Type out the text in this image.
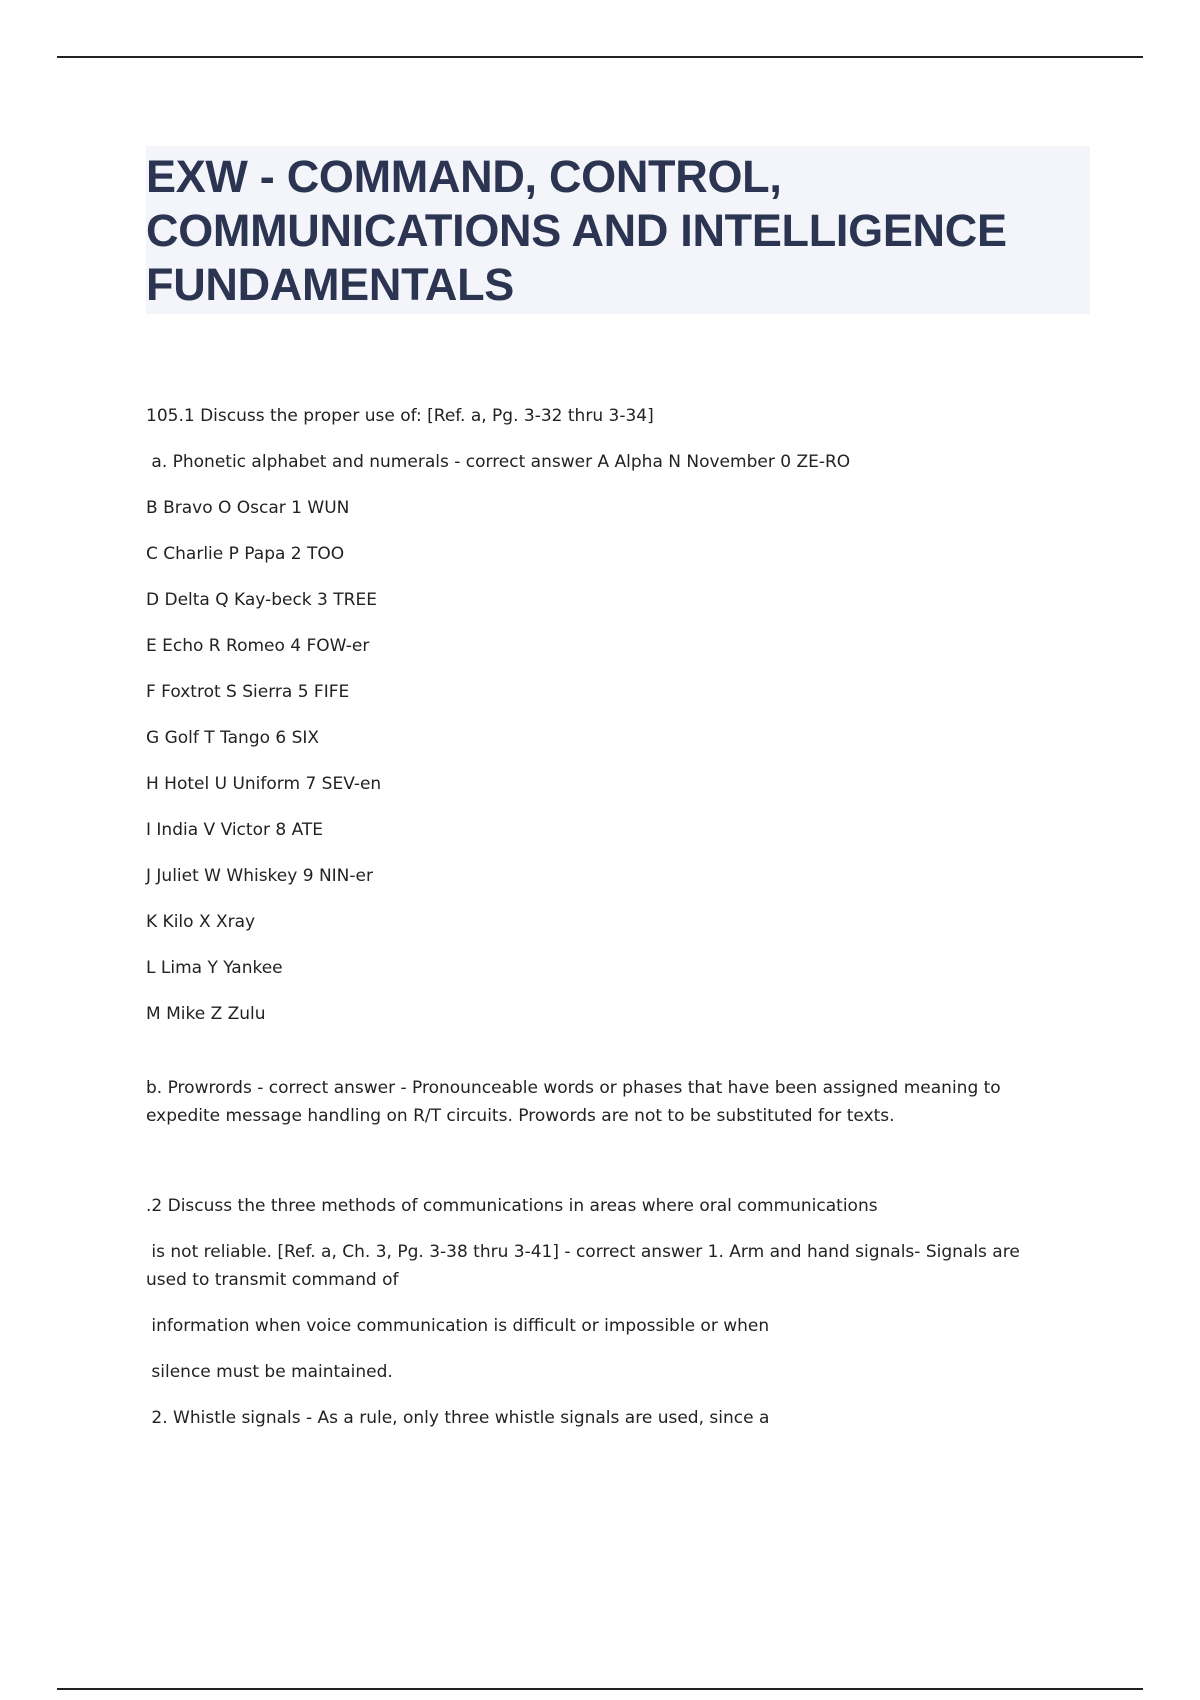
EXW - COMMAND, CONTROL,
COMMUNICATIONS AND INTELLIGENCE
FUNDAMENTALS

105.1 Discuss the proper use of: [Ref. a, Pg. 3-32 thru 3-34]

a. Phonetic alphabet and numerals - correct answer A Alpha N November 0 ZE-RO

B Bravo O Oscar 1 WUN

C Charlie P Papa 2 TOO

D Delta Q Kay-beck 3 TREE

E Echo R Romeo 4 FOW-er

F Foxtrot S Sierra 5 FIFE

G Golf T Tango 6 SIX

H Hotel U Uniform 7 SEV-en

I India V Victor 8 ATE

J Juliet W Whiskey 9 NIN-er

K Kilo X Xray

L Lima Y Yankee

M Mike Z Zulu

b. Prowrords - correct answer - Pronounceable words or phases that have been assigned meaning to expedite message handling on R/T circuits. Prowords are not to be substituted for texts.

.2 Discuss the three methods of communications in areas where oral communications

is not reliable. [Ref. a, Ch. 3, Pg. 3-38 thru 3-41] - correct answer 1. Arm and hand signals- Signals are used to transmit command of

information when voice communication is difficult or impossible or when

silence must be maintained.

2. Whistle signals - As a rule, only three whistle signals are used, since a
